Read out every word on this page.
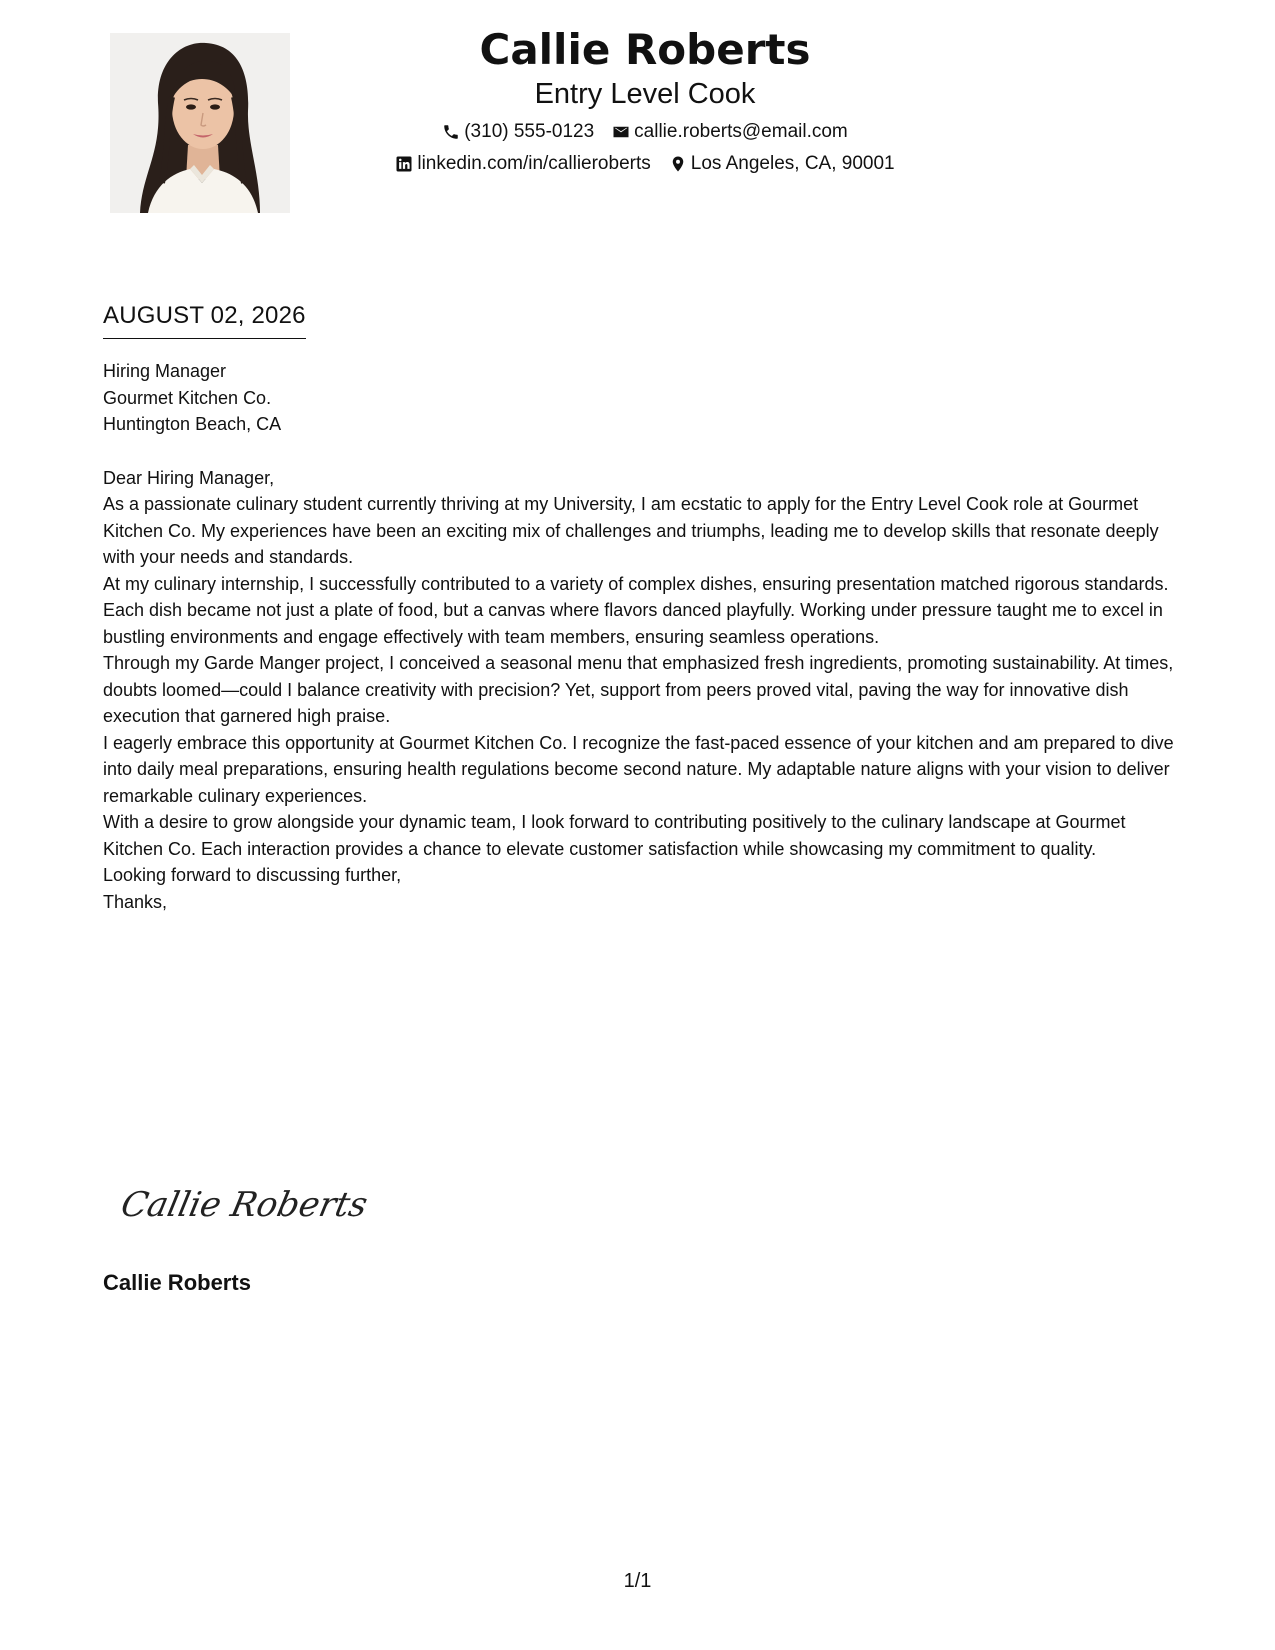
Callie Roberts

Entry Level Cook

(310) 555-0123 callie.roberts@email.com
linkedin.com/in/callieroberts Los Angeles, CA, 90001
AUGUST 02, 2026

Hiring Manager

Gourmet Kitchen Co.

Huntington Beach, CA

Dear Hiring Manager,

As a passionate culinary student currently thriving at my University, I am ecstatic to apply for the Entry Level Cook role at Gourmet Kitchen Co. My experiences have been an exciting mix of challenges and triumphs, leading me to develop skills that resonate deeply with your needs and standards.

At my culinary internship, I successfully contributed to a variety of complex dishes, ensuring presentation matched rigorous standards. Each dish became not just a plate of food, but a canvas where flavors danced playfully. Working under pressure taught me to excel in bustling environments and engage effectively with team members, ensuring seamless operations.

Through my Garde Manger project, I conceived a seasonal menu that emphasized fresh ingredients, promoting sustainability. At times, doubts loomed—could I balance creativity with precision? Yet, support from peers proved vital, paving the way for innovative dish execution that garnered high praise.

I eagerly embrace this opportunity at Gourmet Kitchen Co. I recognize the fast-paced essence of your kitchen and am prepared to dive into daily meal preparations, ensuring health regulations become second nature. My adaptable nature aligns with your vision to deliver remarkable culinary experiences.

With a desire to grow alongside your dynamic team, I look forward to contributing positively to the culinary landscape at Gourmet Kitchen Co. Each interaction provides a chance to elevate customer satisfaction while showcasing my commitment to quality.

Looking forward to discussing further,

Thanks,

Callie Roberts
Callie Roberts
1/1
